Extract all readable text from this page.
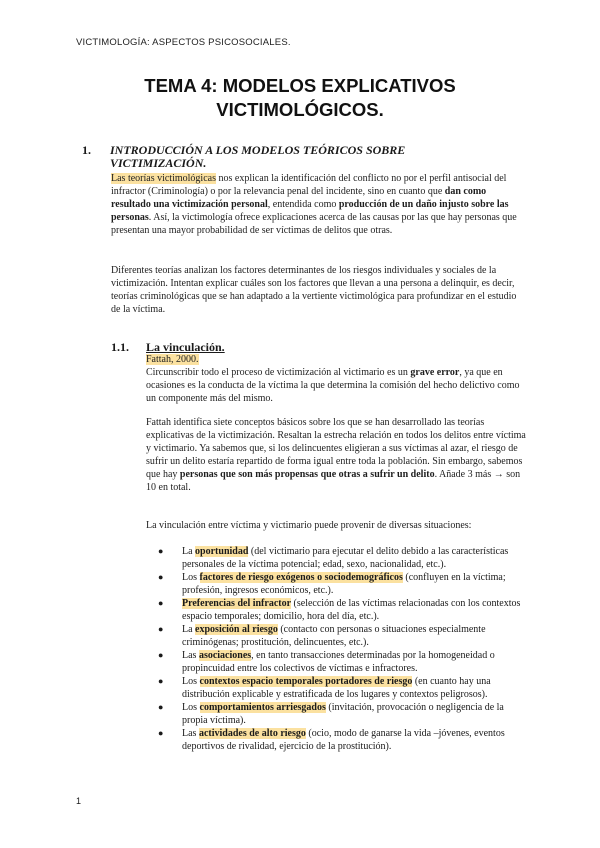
VICTIMOLOGÍA: ASPECTOS PSICOSOCIALES.
TEMA 4: MODELOS EXPLICATIVOS
VICTIMOLÓGICOS.
1. INTRODUCCIÓN A LOS MODELOS TEÓRICOS SOBRE VICTIMIZACIÓN.
Las teorías victimológicas nos explican la identificación del conflicto no por el perfil antisocial del infractor (Criminología) o por la relevancia penal del incidente, sino en cuanto que dan como resultado una victimización personal, entendida como producción de un daño injusto sobre las personas. Así, la victimología ofrece explicaciones acerca de las causas por las que hay personas que presentan una mayor probabilidad de ser víctimas de delitos que otras.
Diferentes teorías analizan los factores determinantes de los riesgos individuales y sociales de la victimización. Intentan explicar cuáles son los factores que llevan a una persona a delinquir, es decir, teorías criminológicas que se han adaptado a la vertiente victimológica para profundizar en el estudio de la víctima.
1.1. La vinculación.
Fattah, 2000.
Circunscribir todo el proceso de victimización al victimario es un grave error, ya que en ocasiones es la conducta de la víctima la que determina la comisión del hecho delictivo como un componente más del mismo.
Fattah identifica siete conceptos básicos sobre los que se han desarrollado las teorías explicativas de la victimización. Resaltan la estrecha relación en todos los delitos entre víctima y victimario. Ya sabemos que, si los delincuentes eligieran a sus víctimas al azar, el riesgo de sufrir un delito estaría repartido de forma igual entre toda la población. Sin embargo, sabemos que hay personas que son más propensas que otras a sufrir un delito. Añade 3 más → son 10 en total.
La vinculación entre víctima y victimario puede provenir de diversas situaciones:
● La oportunidad (del victimario para ejecutar el delito debido a las características personales de la víctima potencial; edad, sexo, nacionalidad, etc.).
● Los factores de riesgo exógenos o sociodemográficos (confluyen en la víctima; profesión, ingresos económicos, etc.).
● Preferencias del infractor (selección de las víctimas relacionadas con los contextos espacio temporales; domicilio, hora del día, etc.).
● La exposición al riesgo (contacto con personas o situaciones especialmente criminógenas; prostitución, delincuentes, etc.).
● Las asociaciones, en tanto transacciones determinadas por la homogeneidad o propincuidad entre los colectivos de víctimas e infractores.
● Los contextos espacio temporales portadores de riesgo (en cuanto hay una distribución explicable y estratificada de los lugares y contextos peligrosos).
● Los comportamientos arriesgados (invitación, provocación o negligencia de la propia víctima).
● Las actividades de alto riesgo (ocio, modo de ganarse la vida –jóvenes, eventos deportivos de rivalidad, ejercicio de la prostitución).
1
